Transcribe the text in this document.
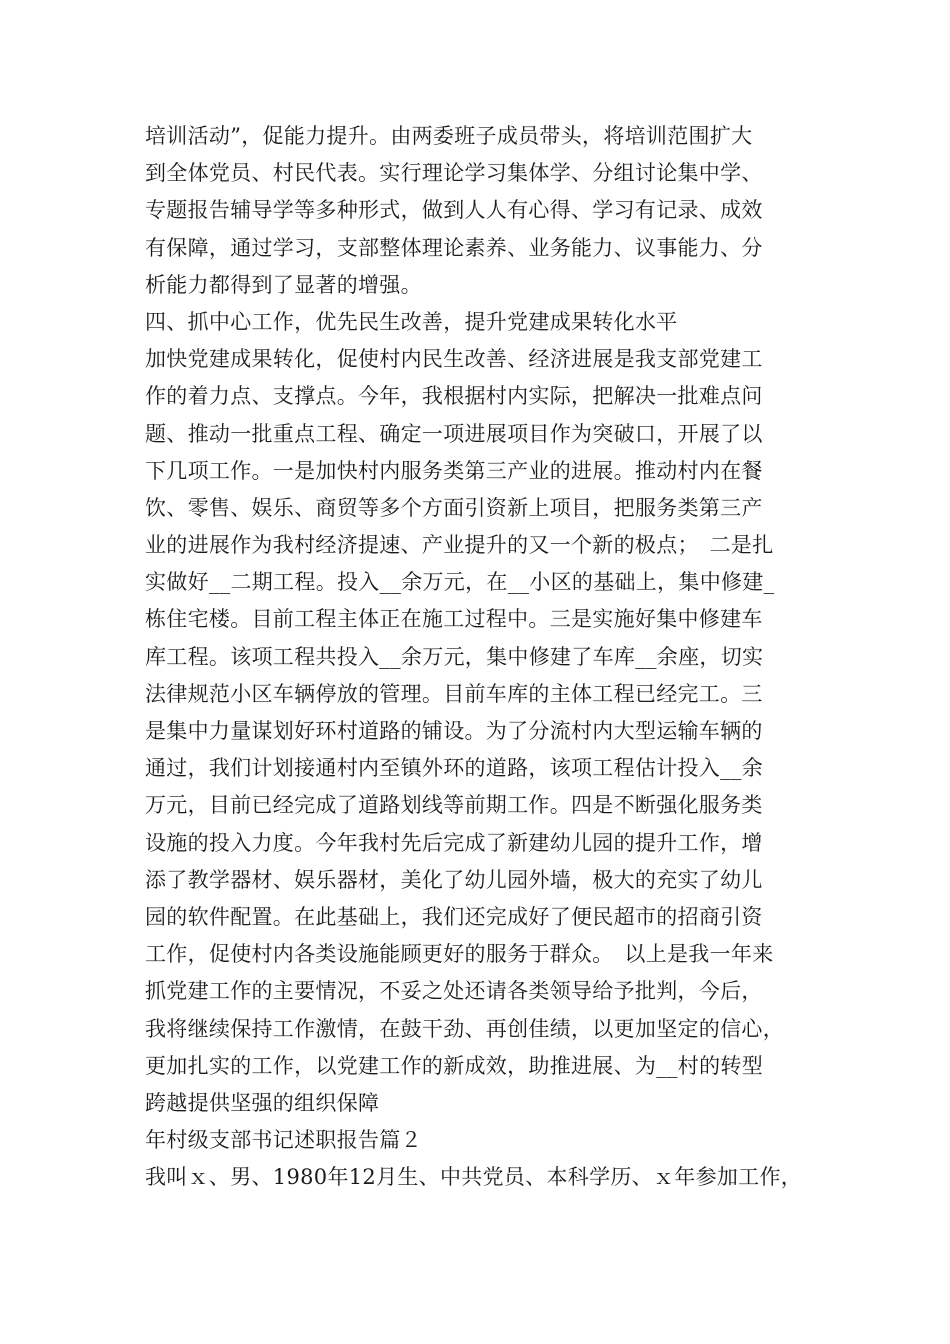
培训活动”，促能力提升。由两委班子成员带头，将培训范围扩大
到全体党员、村民代表。实行理论学习集体学、分组讨论集中学、
专题报告辅导学等多种形式，做到人人有心得、学习有记录、成效
有保障，通过学习，支部整体理论素养、业务能力、议事能力、分
析能力都得到了显著的增强。
四、抓中心工作，优先民生改善，提升党建成果转化水平
加快党建成果转化，促使村内民生改善、经济进展是我支部党建工
作的着力点、支撑点。今年，我根据村内实际，把解决一批难点问
题、推动一批重点工程、确定一项进展项目作为突破口，开展了以
下几项工作。一是加快村内服务类第三产业的进展。推动村内在餐
饮、零售、娱乐、商贸等多个方面引资新上项目，把服务类第三产
业的进展作为我村经济提速、产业提升的又一个新的极点；　二是扎
实做好__二期工程。投入__余万元，在__小区的基础上，集中修建_
栋住宅楼。目前工程主体正在施工过程中。三是实施好集中修建车
库工程。该项工程共投入__余万元，集中修建了车库__余座，切实
法律规范小区车辆停放的管理。目前车库的主体工程已经完工。三
是集中力量谋划好环村道路的铺设。为了分流村内大型运输车辆的
通过，我们计划接通村内至镇外环的道路，该项工程估计投入__余
万元，目前已经完成了道路划线等前期工作。四是不断强化服务类
设施的投入力度。今年我村先后完成了新建幼儿园的提升工作，增
添了教学器材、娱乐器材，美化了幼儿园外墙，极大的充实了幼儿
园的软件配置。在此基础上，我们还完成好了便民超市的招商引资
工作，促使村内各类设施能顾更好的服务于群众。　以上是我一年来
抓党建工作的主要情况，不妥之处还请各类领导给予批判，今后，
我将继续保持工作激情，在鼓干劲、再创佳绩，以更加坚定的信心，
更加扎实的工作，以党建工作的新成效，助推进展、为__村的转型
跨越提供坚强的组织保障
年村级支部书记述职报告篇２
我叫ｘ、男、1980年12月生、中共党员、本科学历、ｘ年参加工作，
